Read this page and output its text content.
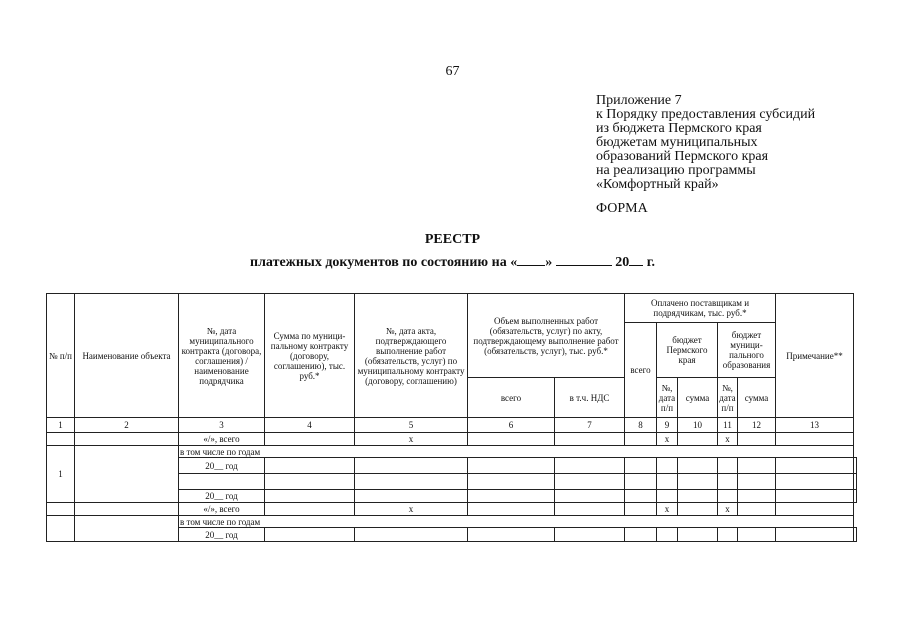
67
Приложение 7
к Порядку предоставления субсидий
из бюджета Пермского края
бюджетам муниципальных
образований Пермского края
на реализацию программы
«Комфортный край»
ФОРМА
РЕЕСТР
платежных документов по состоянию на « »	20 г.
№ п/п	Наименование объекта	№, дата муниципального контракта (договора, соглашения) / наименование подрядчика	Сумма по муници- пальному контракту (договору, соглашению), тыс. руб.*	№, дата акта, подтверждающего выполнение работ (обязательств, услуг) по муниципальному контракту (договору, соглашению)	Объем выполненных работ (обязательств, услуг) по акту, подтверждающему выполнение работ (обязательств, услуг), тыс. руб.*		Оплачено поставщикам и подрядчикам, тыс. руб.*					Примечание**	
							всего	бюджет Пермского края		бюджет муници- пального образования			
					всего	в т.ч. НДС		№, дата п/п	сумма	№, дата п/п	сумма		

1	2	3	4	5	6	7	8	9	10	11	12	13	
		«/», всего		х				х		х			
1		в том числе по годам											
		20__ год											

		20__ год											
		«/», всего		х				х		х			
		в том числе по годам											
		20__ год											
